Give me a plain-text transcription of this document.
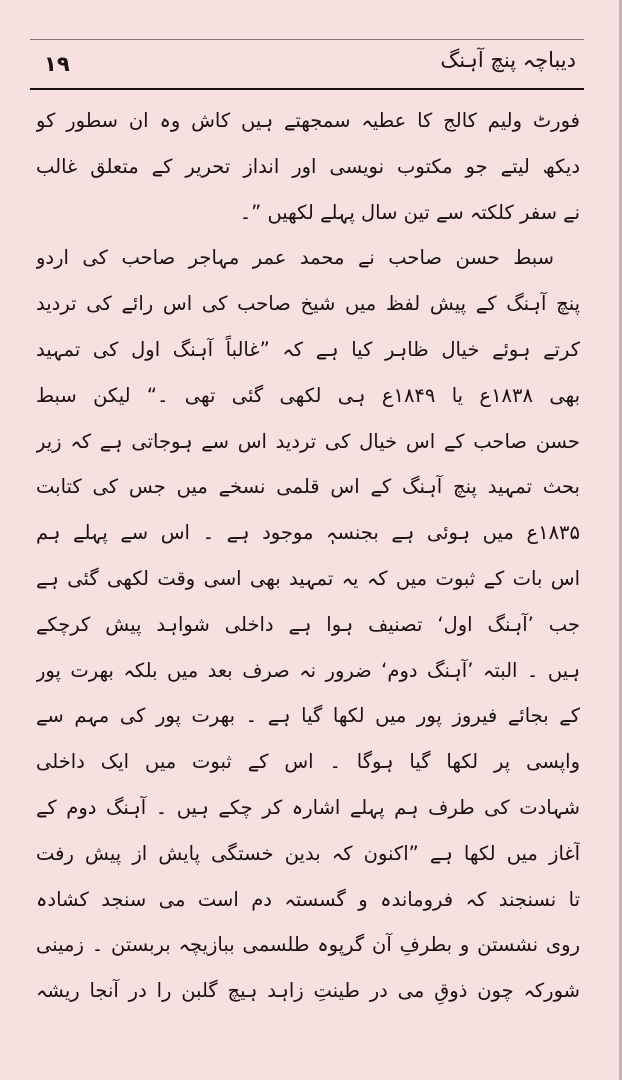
۱۹	دیباچہ پنچ آہنگ
فورٹ ولیم کالج کا عطیہ سمجھتے ہیں کاش وہ ان سطور کو
دیکھ لیتے جو مکتوب نویسی اور انداز تحریر کے متعلق غالب
نے سفر کلکتہ سے تین سال پہلے لکھیں ”۔
سبط حسن صاحب نے محمد عمر مہاجر صاحب کی اردو
پنچ آہنگ کے پیش لفظ میں شیخ صاحب کی اس رائے کی تردید
کرتے ہوئے خیال ظاہر کیا ہے کہ ”غالباً آہنگ اول کی تمہید
بھی ۱۸۳۸ع یا ۱۸۴۹ع ہی لکھی گئی تھی ۔“ لیکن سبط
حسن صاحب کے اس خیال کی تردید اس سے ہوجاتی ہے کہ زیر
بحث تمہید پنچ آہنگ کے اس قلمی نسخے میں جس کی کتابت
۱۸۳۵ع میں ہوئی ہے بجنسہٖ موجود ہے ۔ اس سے پہلے ہم
اس بات کے ثبوت میں کہ یہ تمہید بھی اسی وقت لکھی گئی ہے
جب ’آہنگ اول‘ تصنیف ہوا ہے داخلی شواہد پیش کرچکے
ہیں ۔ البتہ ’آہنگ دوم‘ ضرور نہ صرف بعد میں بلکہ بھرت پور
کے بجائے فیروز پور میں لکھا گیا ہے ۔ بھرت پور کی مہم سے
واپسی پر لکھا گیا ہوگا ۔ اس کے ثبوت میں ایک داخلی
شہادت کی طرف ہم پہلے اشارہ کر چکے ہیں ۔ آہنگ دوم کے
آغاز میں لکھا ہے ”اکنون کہ بدین خستگی پایش از پیش رفت
تا نسنجند کہ فروماندہ و گسستہ دم است می سنجد کشادہ
روی نشستن و بطرفِ آن گرپوہ طلسمی ببازیچہ بربستن ۔ زمینی
شورکہ چون ذوقِ می در طینتِ زاہد ہیچ گلبن را در آنجا ریشہ
